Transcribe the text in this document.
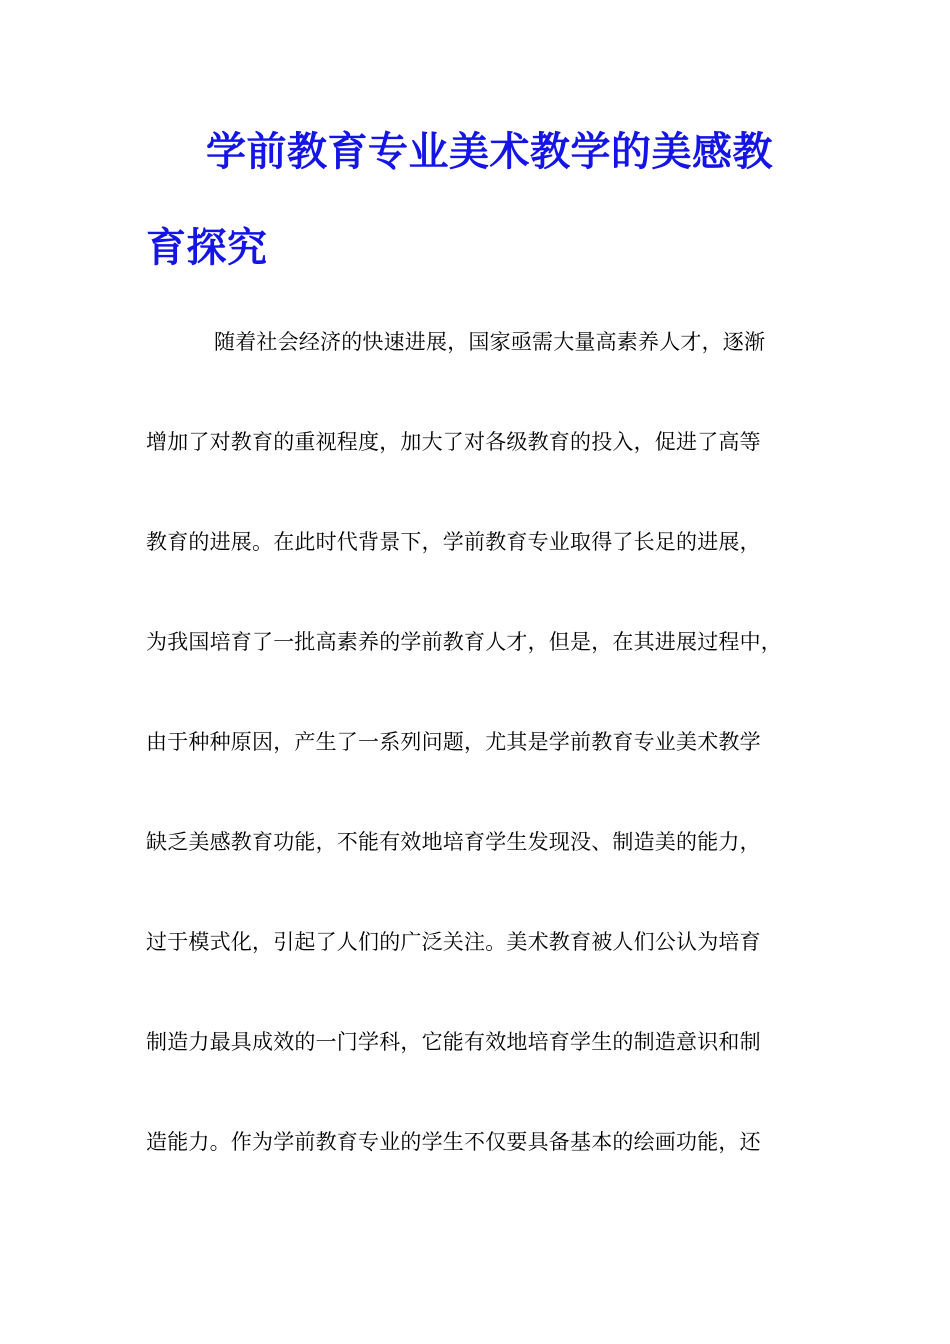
学前教育专业美术教学的美感教
育探究

随着社会经济的快速进展，国家亟需大量高素养人才，逐渐

增加了对教育的重视程度，加大了对各级教育的投入，促进了高等

教育的进展。在此时代背景下，学前教育专业取得了长足的进展，

为我国培育了一批高素养的学前教育人才，但是，在其进展过程中，

由于种种原因，产生了一系列问题，尤其是学前教育专业美术教学

缺乏美感教育功能，不能有效地培育学生发现没、制造美的能力，

过于模式化，引起了人们的广泛关注。美术教育被人们公认为培育

制造力最具成效的一门学科，它能有效地培育学生的制造意识和制

造能力。作为学前教育专业的学生不仅要具备基本的绘画功能，还
